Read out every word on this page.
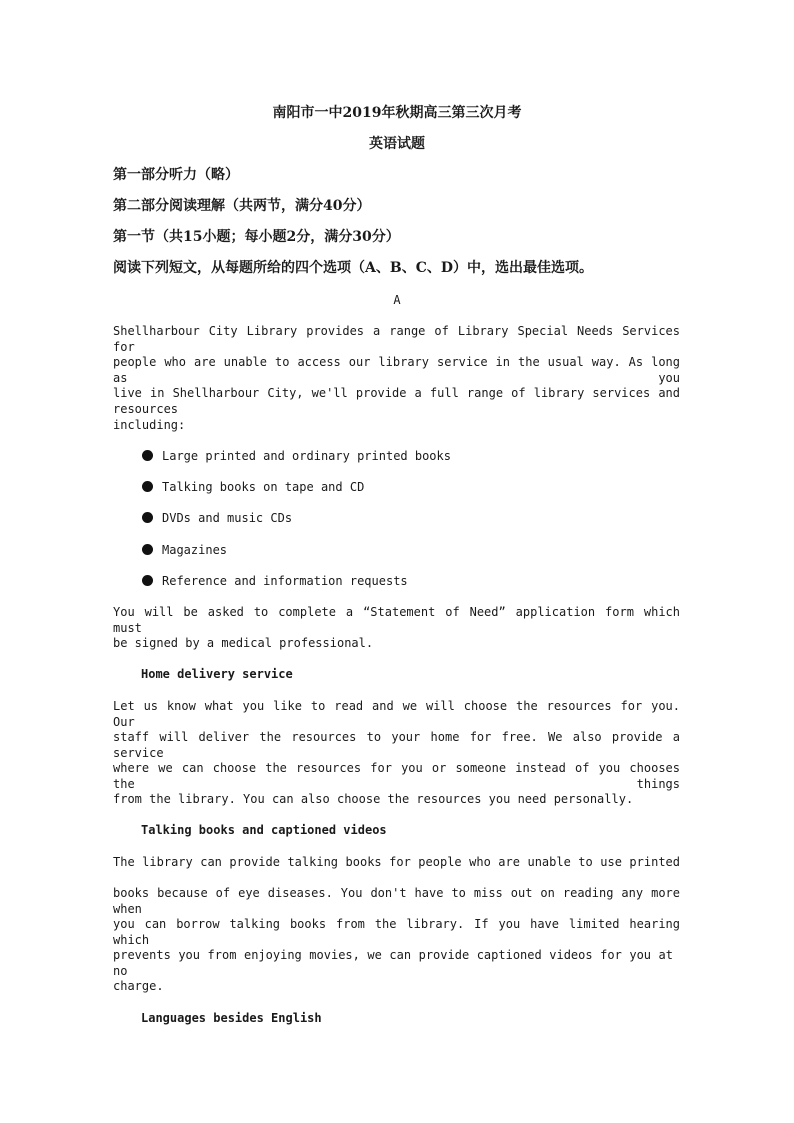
南阳市一中2019年秋期高三第三次月考
英语试题
第一部分听力（略）
第二部分阅读理解（共两节，满分40分）
第一节（共15小题；每小题2分，满分30分）
阅读下列短文，从每题所给的四个选项（A、B、C、D）中，选出最佳选项。
A
Shellharbour City Library provides a range of Library Special Needs Services for
people who are unable to access our library service in the usual way. As long as you
live in Shellharbour City, we'll provide a full range of library services and resources
including:
Large printed and ordinary printed books
Talking books on tape and CD
DVDs and music CDs
Magazines
Reference and information requests
You will be asked to complete a “Statement of Need” application form which must
be signed by a medical professional.
Home delivery service
Let us know what you like to read and we will choose the resources for you. Our
staff will deliver the resources to your home for free. We also provide a service
where we can choose the resources for you or someone instead of you chooses the things
from the library. You can also choose the resources you need personally.
Talking books and captioned videos
The library can provide talking books for people who are unable to use printed
books because of eye diseases. You don't have to miss out on reading any more when
you can borrow talking books from the library. If you have limited hearing which
prevents you from enjoying movies, we can provide captioned videos for you at no
charge.
Languages besides English
